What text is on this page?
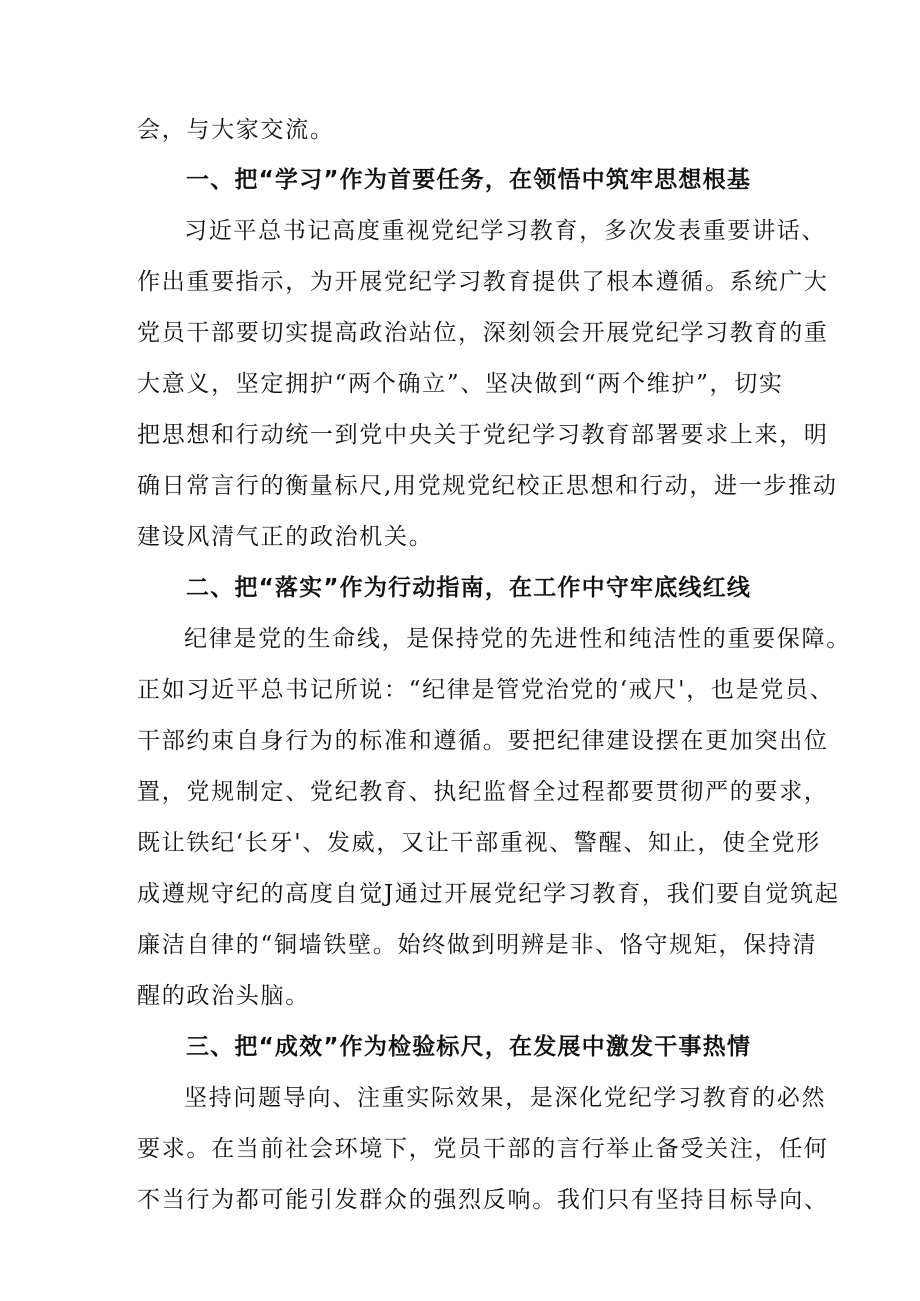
会，与大家交流。
一、把“学习”作为首要任务，在领悟中筑牢思想根基
习近平总书记高度重视党纪学习教育，多次发表重要讲话、
作出重要指示，为开展党纪学习教育提供了根本遵循。系统广大
党员干部要切实提高政治站位，深刻领会开展党纪学习教育的重
大意义，坚定拥护“两个确立”、坚决做到“两个维护”，切实
把思想和行动统一到党中央关于党纪学习教育部署要求上来，明
确日常言行的衡量标尺,用党规党纪校正思想和行动，进一步推动
建设风清气正的政治机关。
二、把“落实”作为行动指南，在工作中守牢底线红线
纪律是党的生命线，是保持党的先进性和纯洁性的重要保障。
正如习近平总书记所说：“纪律是管党治党的‘戒尺'，也是党员、
干部约束自身行为的标准和遵循。要把纪律建设摆在更加突出位
置，党规制定、党纪教育、执纪监督全过程都要贯彻严的要求，
既让铁纪‘长牙'、发威，又让干部重视、警醒、知止，使全党形
成遵规守纪的高度自觉J通过开展党纪学习教育，我们要自觉筑起
廉洁自律的“铜墙铁壁。始终做到明辨是非、恪守规矩，保持清
醒的政治头脑。
三、把“成效”作为检验标尺，在发展中激发干事热情
坚持问题导向、注重实际效果，是深化党纪学习教育的必然
要求。在当前社会环境下，党员干部的言行举止备受关注，任何
不当行为都可能引发群众的强烈反响。我们只有坚持目标导向、
